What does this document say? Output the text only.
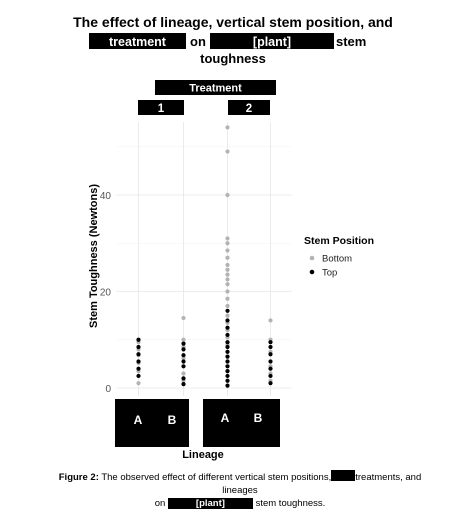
The effect of lineage, vertical stem position, and
treatment on	[plant]	stem
toughness
Treatment
1	2
0
20
40
Stem Toughness (Newtons)
A B	A B
Lineage
Stem Position
Bottom
Top
Figure 2: The observed effect of different vertical stem positions,	treatments, and lineages
on	[plant]	stem toughness.
